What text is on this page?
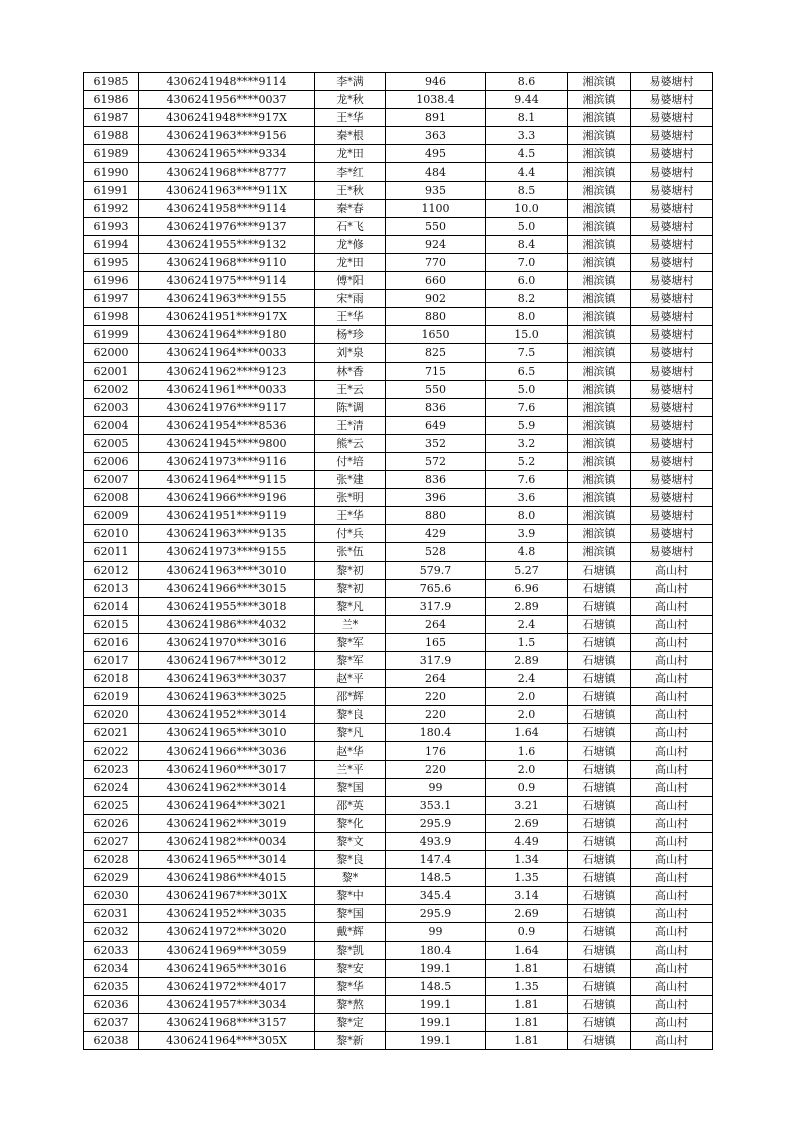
61985	4306241948****9114	李*满	946	8.6	湘滨镇	易婆塘村
61986	4306241956****0037	龙*秋	1038.4	9.44	湘滨镇	易婆塘村
61987	4306241948****917X	王*华	891	8.1	湘滨镇	易婆塘村
61988	4306241963****9156	秦*根	363	3.3	湘滨镇	易婆塘村
61989	4306241965****9334	龙*田	495	4.5	湘滨镇	易婆塘村
61990	4306241968****8777	李*红	484	4.4	湘滨镇	易婆塘村
61991	4306241963****911X	王*秋	935	8.5	湘滨镇	易婆塘村
61992	4306241958****9114	秦*春	1100	10.0	湘滨镇	易婆塘村
61993	4306241976****9137	石*飞	550	5.0	湘滨镇	易婆塘村
61994	4306241955****9132	龙*修	924	8.4	湘滨镇	易婆塘村
61995	4306241968****9110	龙*田	770	7.0	湘滨镇	易婆塘村
61996	4306241975****9114	傅*阳	660	6.0	湘滨镇	易婆塘村
61997	4306241963****9155	宋*雨	902	8.2	湘滨镇	易婆塘村
61998	4306241951****917X	王*华	880	8.0	湘滨镇	易婆塘村
61999	4306241964****9180	杨*珍	1650	15.0	湘滨镇	易婆塘村
62000	4306241964****0033	刘*泉	825	7.5	湘滨镇	易婆塘村
62001	4306241962****9123	林*香	715	6.5	湘滨镇	易婆塘村
62002	4306241961****0033	王*云	550	5.0	湘滨镇	易婆塘村
62003	4306241976****9117	陈*调	836	7.6	湘滨镇	易婆塘村
62004	4306241954****8536	王*清	649	5.9	湘滨镇	易婆塘村
62005	4306241945****9800	熊*云	352	3.2	湘滨镇	易婆塘村
62006	4306241973****9116	付*培	572	5.2	湘滨镇	易婆塘村
62007	4306241964****9115	张*建	836	7.6	湘滨镇	易婆塘村
62008	4306241966****9196	张*明	396	3.6	湘滨镇	易婆塘村
62009	4306241951****9119	王*华	880	8.0	湘滨镇	易婆塘村
62010	4306241963****9135	付*兵	429	3.9	湘滨镇	易婆塘村
62011	4306241973****9155	张*伍	528	4.8	湘滨镇	易婆塘村
62012	4306241963****3010	黎*初	579.7	5.27	石塘镇	高山村
62013	4306241966****3015	黎*初	765.6	6.96	石塘镇	高山村
62014	4306241955****3018	黎*凡	317.9	2.89	石塘镇	高山村
62015	4306241986****4032	兰*	264	2.4	石塘镇	高山村
62016	4306241970****3016	黎*军	165	1.5	石塘镇	高山村
62017	4306241967****3012	黎*军	317.9	2.89	石塘镇	高山村
62018	4306241963****3037	赵*平	264	2.4	石塘镇	高山村
62019	4306241963****3025	邵*辉	220	2.0	石塘镇	高山村
62020	4306241952****3014	黎*良	220	2.0	石塘镇	高山村
62021	4306241965****3010	黎*凡	180.4	1.64	石塘镇	高山村
62022	4306241966****3036	赵*华	176	1.6	石塘镇	高山村
62023	4306241960****3017	兰*平	220	2.0	石塘镇	高山村
62024	4306241962****3014	黎*国	99	0.9	石塘镇	高山村
62025	4306241964****3021	邵*英	353.1	3.21	石塘镇	高山村
62026	4306241962****3019	黎*化	295.9	2.69	石塘镇	高山村
62027	4306241982****0034	黎*文	493.9	4.49	石塘镇	高山村
62028	4306241965****3014	黎*良	147.4	1.34	石塘镇	高山村
62029	4306241986****4015	黎*	148.5	1.35	石塘镇	高山村
62030	4306241967****301X	黎*中	345.4	3.14	石塘镇	高山村
62031	4306241952****3035	黎*国	295.9	2.69	石塘镇	高山村
62032	4306241972****3020	戴*辉	99	0.9	石塘镇	高山村
62033	4306241969****3059	黎*凯	180.4	1.64	石塘镇	高山村
62034	4306241965****3016	黎*安	199.1	1.81	石塘镇	高山村
62035	4306241972****4017	黎*华	148.5	1.35	石塘镇	高山村
62036	4306241957****3034	黎*熬	199.1	1.81	石塘镇	高山村
62037	4306241968****3157	黎*定	199.1	1.81	石塘镇	高山村
62038	4306241964****305X	黎*新	199.1	1.81	石塘镇	高山村
